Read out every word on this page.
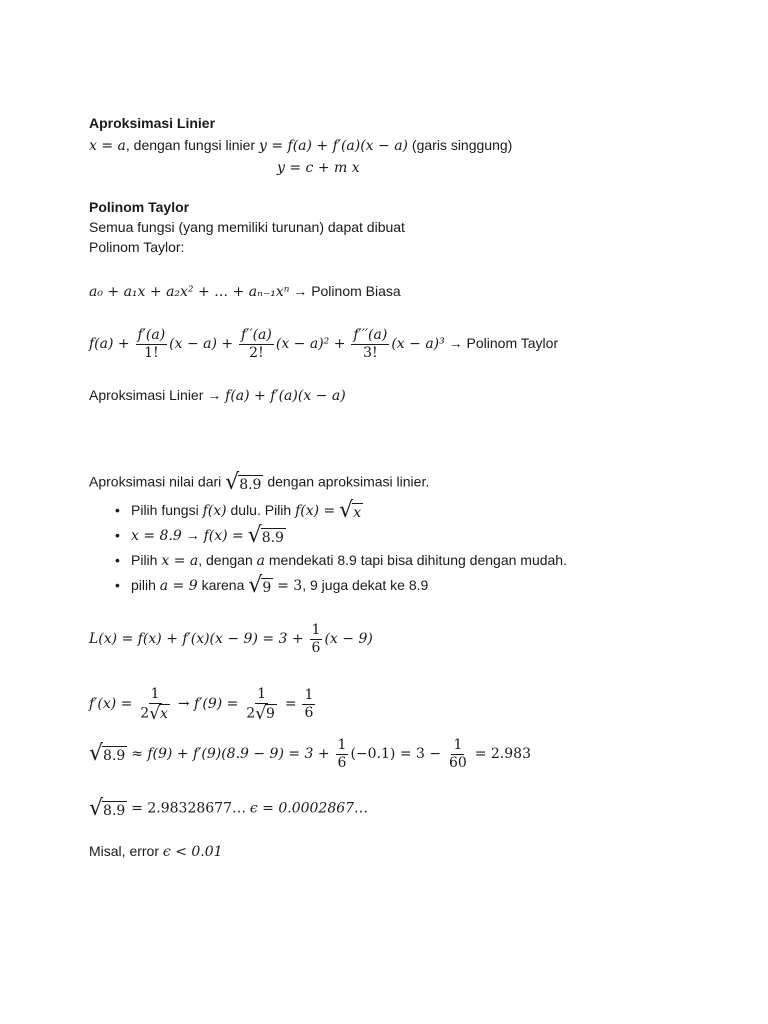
Aproksimasi Linier
x = a, dengan fungsi linier y = f(a) + f′(a)(x − a) (garis singgung)
y = c + m x
Polinom Taylor
Semua fungsi (yang memiliki turunan) dapat dibuat
Polinom Taylor:
a₀ + a₁x + a₂x² + … + aₙ₋₁xⁿ → Polinom Biasa
$f(a) + \frac{f'(a)}{1!} (x - a) + \frac{f''(a)}{2!} (x - a)^2 + \frac{f'''(a)}{3!} (x - a)^3$ → Polinom Taylor
Aproksimasi Linier → f(a) + f′(a)(x − a)
Aproksimasi nilai dari √ 8.9 dengan aproksimasi linier.
• Pilih fungsi f(x) dulu. Pilih f(x) = √ x
• x = 8.9 → f(x) = √ 8.9
• Pilih x = a, dengan a mendekati 8.9 tapi bisa dihitung dengan mudah.
• pilih a = 9 karena √ 9 = 3, 9 juga dekat ke 8.9
$L(x) = f(x) + f'(x)(x - 9) = 3 + \frac{1}{6} (x - 9)$
$f'(x) = \frac{1}{2 √ x} \to f'(9) = \frac{1}{2 √ 9} = \frac{1}{6}$
√ $8.9 \approx f(9) + f'(9)(8.9 - 9) = 3 + \frac{1}{6} (-0.1) = 3 - \frac{1}{60} = 2.983$
√ 8.9 = 2.98328677… ϵ = 0.0002867…
Misal, error ϵ < 0.01
